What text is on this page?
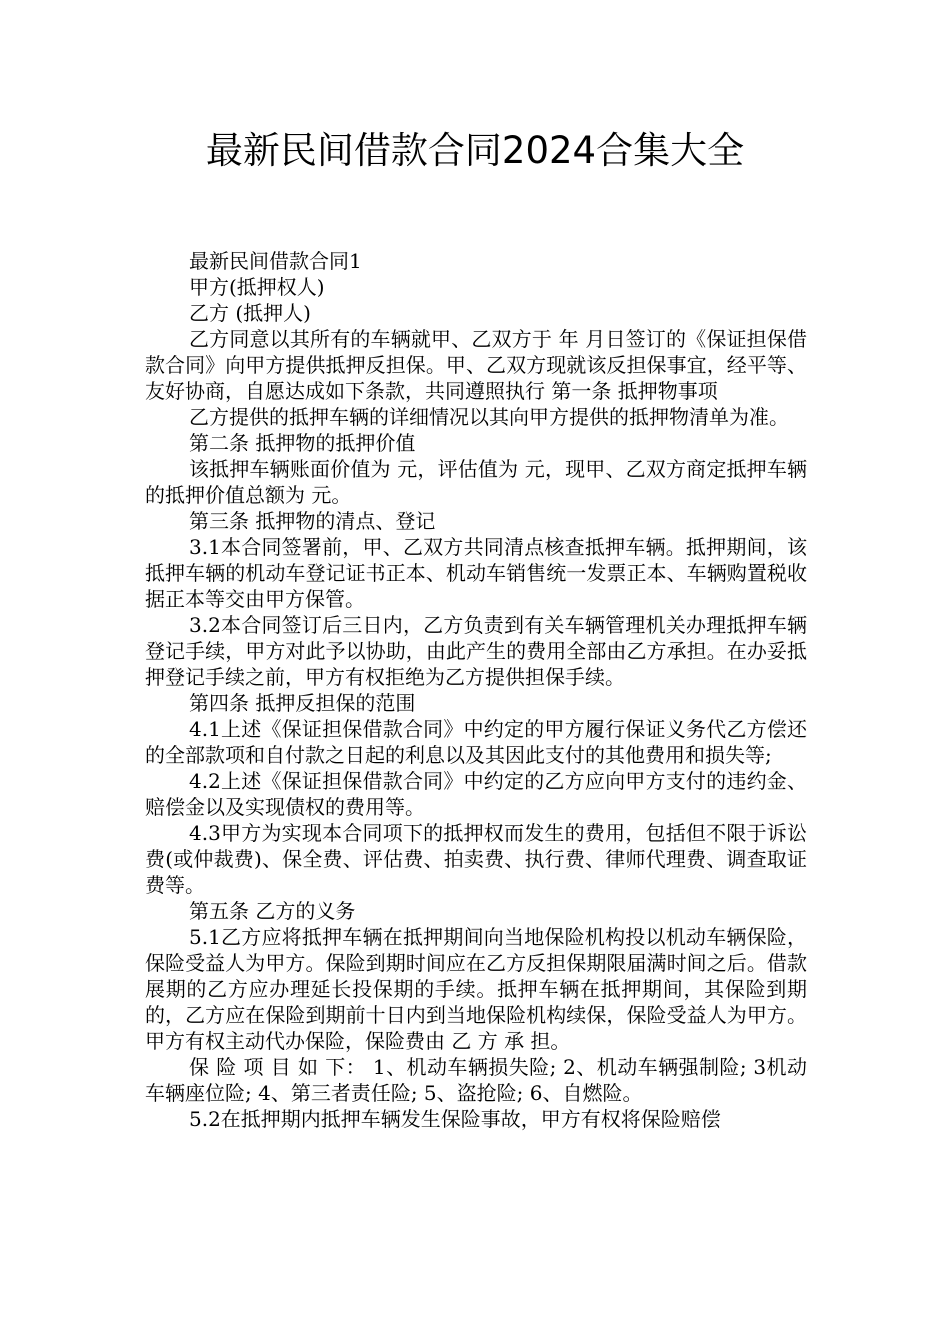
最新民间借款合同2024合集大全

最新民间借款合同1

甲方(抵押权人)

乙方 (抵押人)

乙方同意以其所有的车辆就甲、乙双方于 年 月日签订的《保证担保借款合同》向甲方提供抵押反担保。甲、乙双方现就该反担保事宜，经平等、友好协商，自愿达成如下条款，共同遵照执行 第一条 抵押物事项

乙方提供的抵押车辆的详细情况以其向甲方提供的抵押物清单为准。

第二条 抵押物的抵押价值

该抵押车辆账面价值为 元，评估值为 元，现甲、乙双方商定抵押车辆的抵押价值总额为 元。

第三条 抵押物的清点、登记

3.1本合同签署前，甲、乙双方共同清点核查抵押车辆。抵押期间，该抵押车辆的机动车登记证书正本、机动车销售统一发票正本、车辆购置税收据正本等交由甲方保管。

3.2本合同签订后三日内，乙方负责到有关车辆管理机关办理抵押车辆登记手续，甲方对此予以协助，由此产生的费用全部由乙方承担。在办妥抵押登记手续之前，甲方有权拒绝为乙方提供担保手续。

第四条 抵押反担保的范围

4.1上述《保证担保借款合同》中约定的甲方履行保证义务代乙方偿还的全部款项和自付款之日起的利息以及其因此支付的其他费用和损失等;

4.2上述《保证担保借款合同》中约定的乙方应向甲方支付的违约金、赔偿金以及实现债权的费用等。

4.3甲方为实现本合同项下的抵押权而发生的费用，包括但不限于诉讼费(或仲裁费)、保全费、评估费、拍卖费、执行费、律师代理费、调查取证费等。

第五条 乙方的义务

5.1乙方应将抵押车辆在抵押期间向当地保险机构投以机动车辆保险，保险受益人为甲方。保险到期时间应在乙方反担保期限届满时间之后。借款展期的乙方应办理延长投保期的手续。抵押车辆在抵押期间，其保险到期的，乙方应在保险到期前十日内到当地保险机构续保，保险受益人为甲方。甲方有权主动代办保险，保险费由 乙 方 承 担。

保 险 项 目 如 下： 1、机动车辆损失险; 2、机动车辆强制险; 3机动车辆座位险; 4、第三者责任险; 5、盗抢险; 6、自燃险。

5.2在抵押期内抵押车辆发生保险事故，甲方有权将保险赔偿
